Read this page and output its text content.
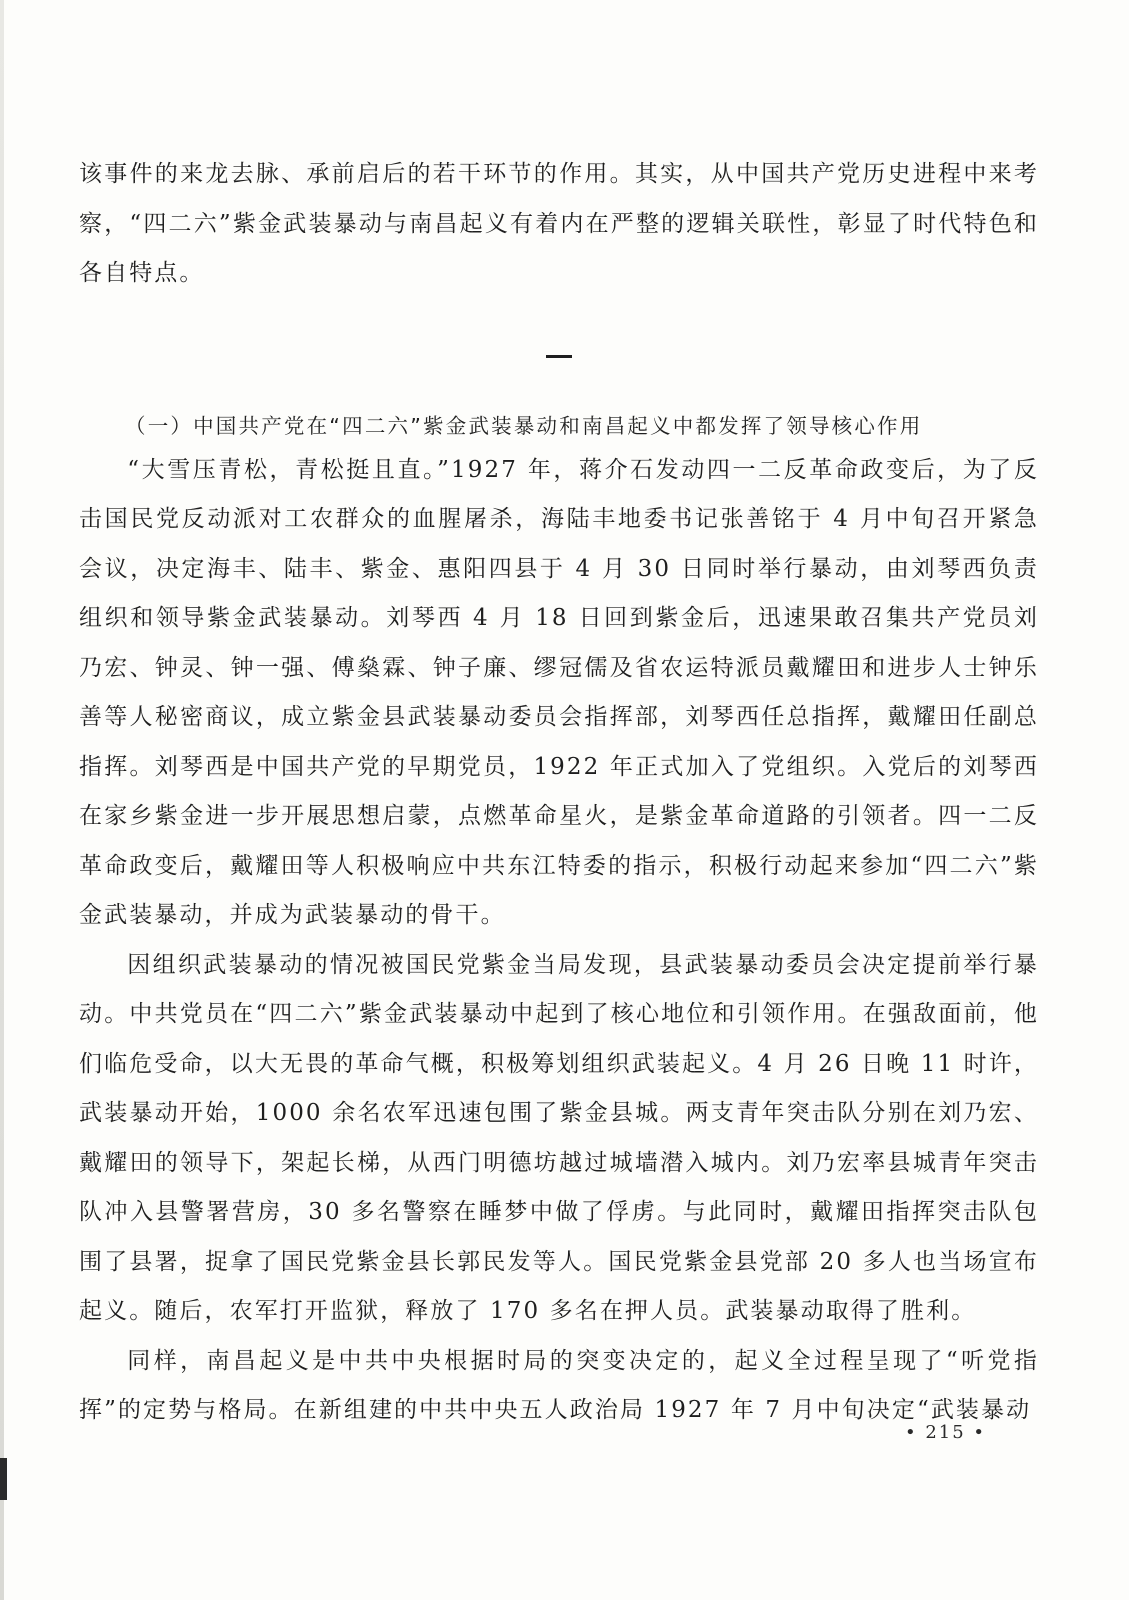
该事件的来龙去脉、承前启后的若干环节的作用。其实，从中国共产党历史进程中来考察，“四二六”紫金武装暴动与南昌起义有着内在严整的逻辑关联性，彰显了时代特色和各自特点。

（一）中国共产党在“四二六”紫金武装暴动和南昌起义中都发挥了领导核心作用

“大雪压青松，青松挺且直。”1927 年，蒋介石发动四一二反革命政变后，为了反击国民党反动派对工农群众的血腥屠杀，海陆丰地委书记张善铭于 4 月中旬召开紧急会议，决定海丰、陆丰、紫金、惠阳四县于 4 月 30 日同时举行暴动，由刘琴西负责组织和领导紫金武装暴动。刘琴西 4 月 18 日回到紫金后，迅速果敢召集共产党员刘乃宏、钟灵、钟一强、傅燊霖、钟子廉、缪冠儒及省农运特派员戴耀田和进步人士钟乐善等人秘密商议，成立紫金县武装暴动委员会指挥部，刘琴西任总指挥，戴耀田任副总指挥。刘琴西是中国共产党的早期党员，1922 年正式加入了党组织。入党后的刘琴西在家乡紫金进一步开展思想启蒙，点燃革命星火，是紫金革命道路的引领者。四一二反革命政变后，戴耀田等人积极响应中共东江特委的指示，积极行动起来参加“四二六”紫金武装暴动，并成为武装暴动的骨干。

因组织武装暴动的情况被国民党紫金当局发现，县武装暴动委员会决定提前举行暴动。中共党员在“四二六”紫金武装暴动中起到了核心地位和引领作用。在强敌面前，他们临危受命，以大无畏的革命气概，积极筹划组织武装起义。4 月 26 日晚 11 时许，武装暴动开始，1000 余名农军迅速包围了紫金县城。两支青年突击队分别在刘乃宏、戴耀田的领导下，架起长梯，从西门明德坊越过城墙潜入城内。刘乃宏率县城青年突击队冲入县警署营房，30 多名警察在睡梦中做了俘虏。与此同时，戴耀田指挥突击队包围了县署，捉拿了国民党紫金县长郭民发等人。国民党紫金县党部 20 多人也当场宣布起义。随后，农军打开监狱，释放了 170 多名在押人员。武装暴动取得了胜利。

同样，南昌起义是中共中央根据时局的突变决定的，起义全过程呈现了“听党指挥”的定势与格局。在新组建的中共中央五人政治局 1927 年 7 月中旬决定“武装暴动

• 215 •
